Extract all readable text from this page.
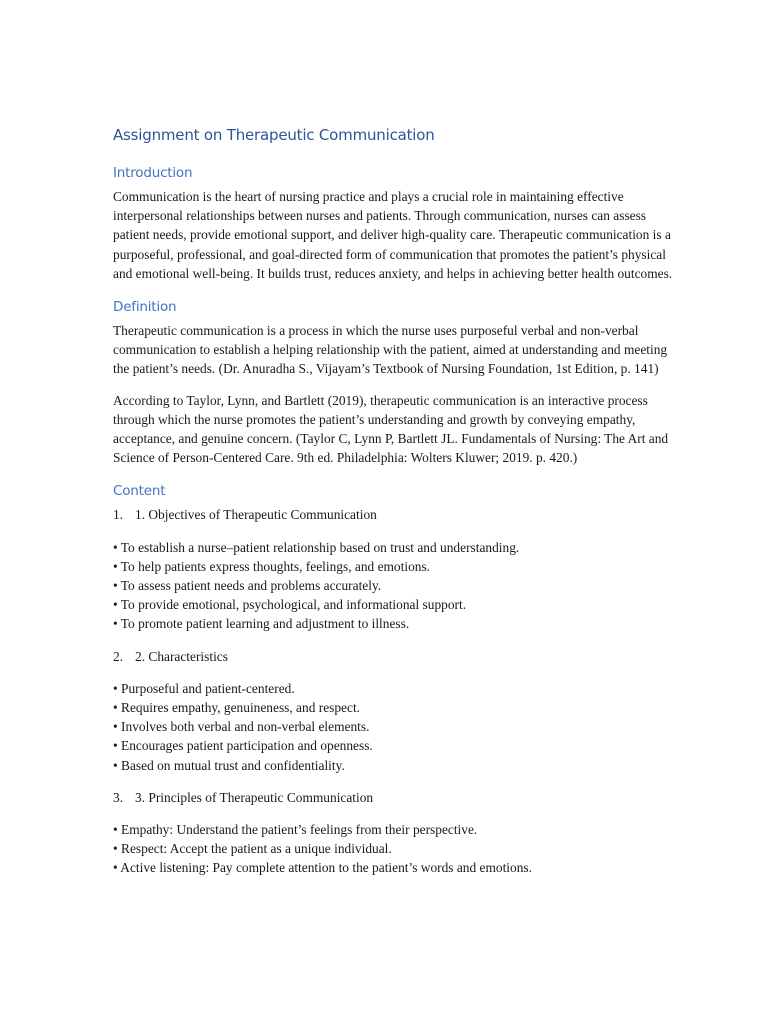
Assignment on Therapeutic Communication
Introduction

Communication is the heart of nursing practice and plays a crucial role in maintaining effective interpersonal relationships between nurses and patients. Through communication, nurses can assess patient needs, provide emotional support, and deliver high-quality care. Therapeutic communication is a purposeful, professional, and goal-directed form of communication that promotes the patient’s physical and emotional well-being. It builds trust, reduces anxiety, and helps in achieving better health outcomes.

Definition

Therapeutic communication is a process in which the nurse uses purposeful verbal and non-verbal communication to establish a helping relationship with the patient, aimed at understanding and meeting the patient’s needs. (Dr. Anuradha S., Vijayam’s Textbook of Nursing Foundation, 1st Edition, p. 141)

According to Taylor, Lynn, and Bartlett (2019), therapeutic communication is an interactive process through which the nurse promotes the patient’s understanding and growth by conveying empathy, acceptance, and genuine concern. (Taylor C, Lynn P, Bartlett JL. Fundamentals of Nursing: The Art and Science of Person-Centered Care. 9th ed. Philadelphia: Wolters Kluwer; 2019. p. 420.)

Content
1. 1. Objectives of Therapeutic Communication
• To establish a nurse–patient relationship based on trust and understanding.
• To help patients express thoughts, feelings, and emotions.
• To assess patient needs and problems accurately.
• To provide emotional, psychological, and informational support.
• To promote patient learning and adjustment to illness.
2. 2. Characteristics
• Purposeful and patient-centered.
• Requires empathy, genuineness, and respect.
• Involves both verbal and non-verbal elements.
• Encourages patient participation and openness.
• Based on mutual trust and confidentiality.
3. 3. Principles of Therapeutic Communication
• Empathy: Understand the patient’s feelings from their perspective.
• Respect: Accept the patient as a unique individual.
• Active listening: Pay complete attention to the patient’s words and emotions.
